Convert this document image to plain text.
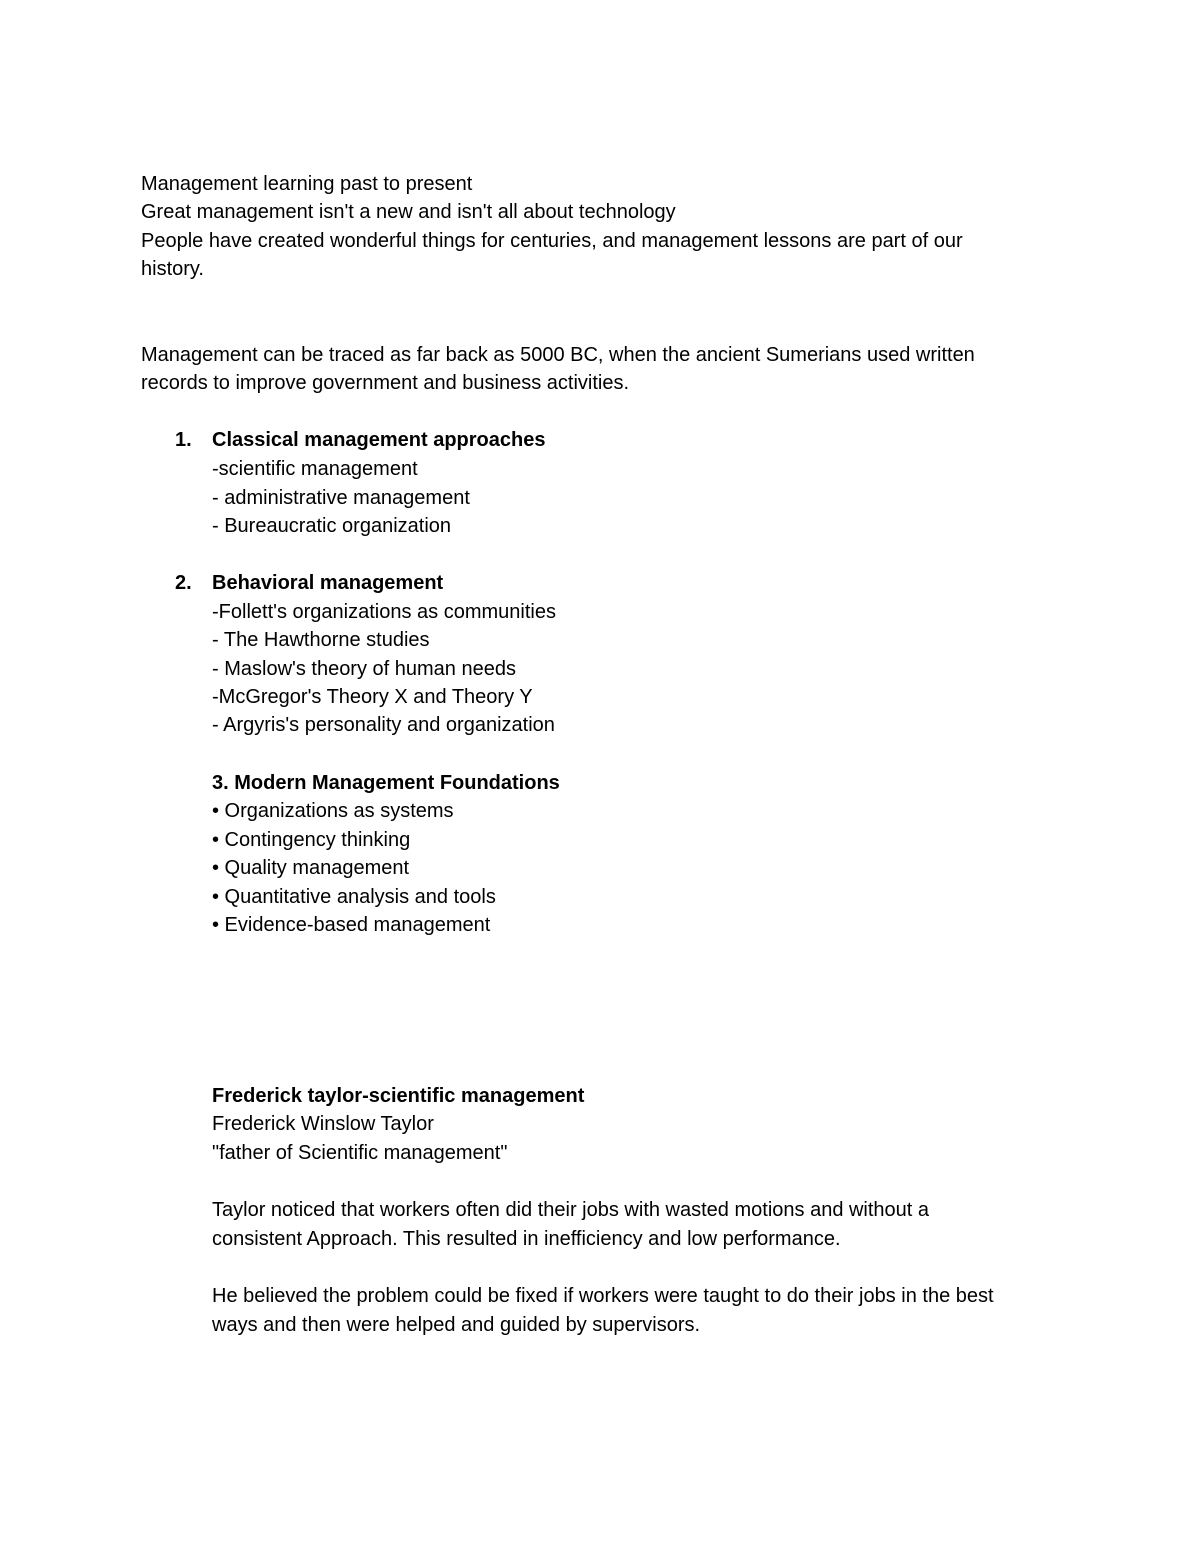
Management learning past to present
Great management isn't a new and isn't all about technology
People have created wonderful things for centuries, and management lessons are part of our
history.
Management can be traced as far back as 5000 BC, when the ancient Sumerians used written
records to improve government and business activities.
1. Classical management approaches
-scientific management
- administrative management
- Bureaucratic organization
2. Behavioral management
-Follett's organizations as communities
- The Hawthorne studies
- Maslow's theory of human needs
-McGregor's Theory X and Theory Y
- Argyris's personality and organization
3. Modern Management Foundations
• Organizations as systems
• Contingency thinking
• Quality management
• Quantitative analysis and tools
• Evidence-based management
Frederick taylor-scientific management
Frederick Winslow Taylor
"father of Scientific management"
Taylor noticed that workers often did their jobs with wasted motions and without a
consistent Approach. This resulted in inefficiency and low performance.
He believed the problem could be fixed if workers were taught to do their jobs in the best
ways and then were helped and guided by supervisors.
